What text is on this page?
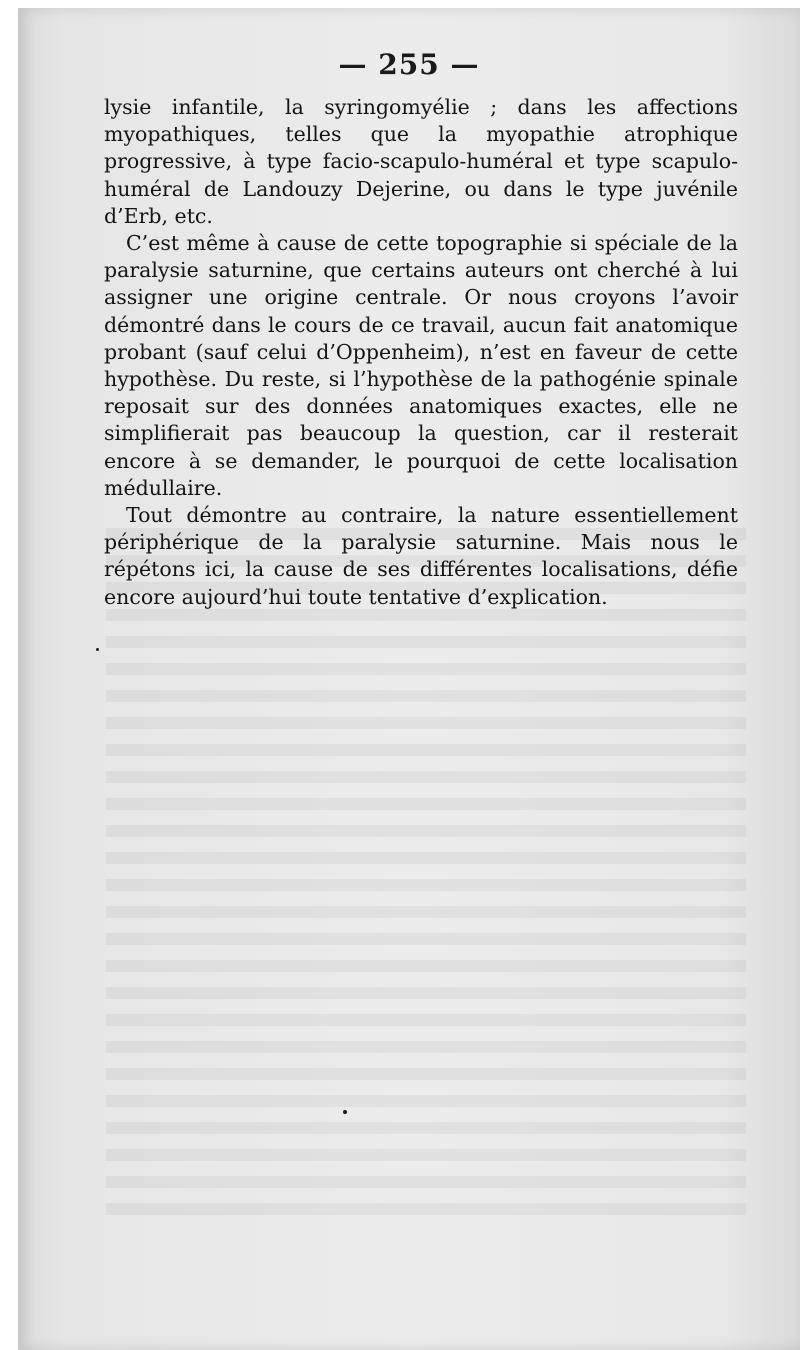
— 255 —

lysie infantile, la syringomyélie ; dans les affections myopathiques, telles que la myopathie atrophique progressive, à type facio-scapulo-huméral et type scapulo-huméral de Landouzy Dejerine, ou dans le type juvénile d’Erb, etc.

C’est même à cause de cette topographie si spéciale de la paralysie saturnine, que certains auteurs ont cherché à lui assigner une origine centrale. Or nous croyons l’avoir démontré dans le cours de ce travail, aucun fait anatomique probant (sauf celui d’Oppenheim), n’est en faveur de cette hypothèse. Du reste, si l’hypothèse de la pathogénie spinale reposait sur des données anatomiques exactes, elle ne simplifierait pas beaucoup la question, car il resterait encore à se demander, le pourquoi de cette localisation médullaire.

Tout démontre au contraire, la nature essentiellement périphérique de la paralysie saturnine. Mais nous le répétons ici, la cause de ses différentes localisations, défie encore aujourd’hui toute tentative d’explication.
